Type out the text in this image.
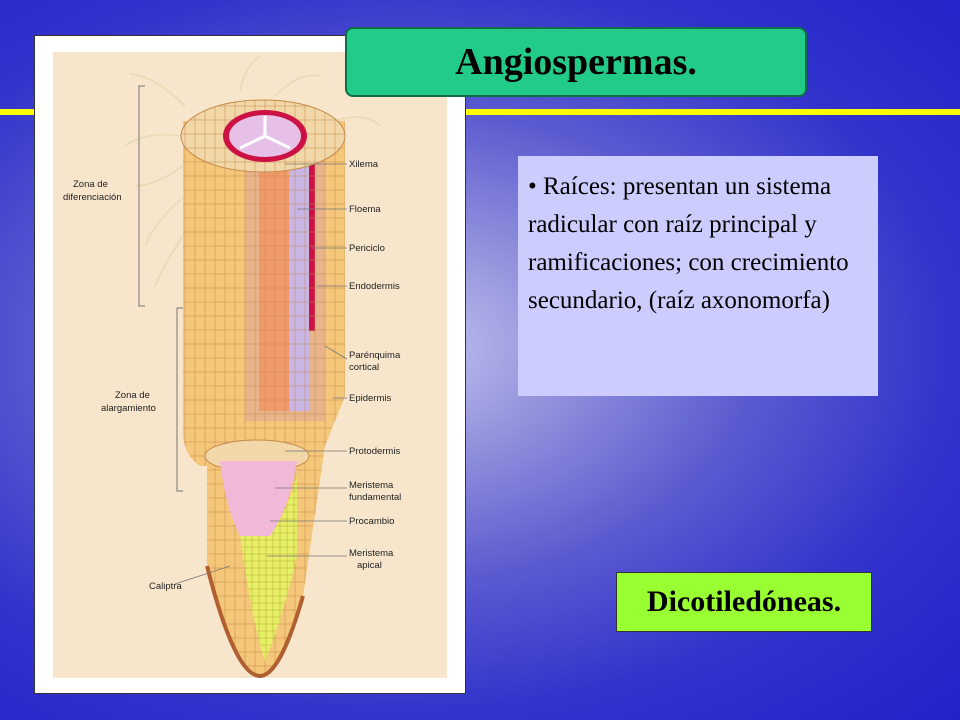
Zona de
diferenciación
Zona de
alargamiento
Xilema
Floema
Periciclo
Endodermis
Parénquima
cortical
Epidermis
Protodermis
Meristema
fundamental
Procambio
Meristema
apical
Caliptra
Angiospermas.
• Raíces: presentan un sistema radicular con raíz principal y ramificaciones; con crecimiento secundario, (raíz axonomorfa)
Dicotiledóneas.
